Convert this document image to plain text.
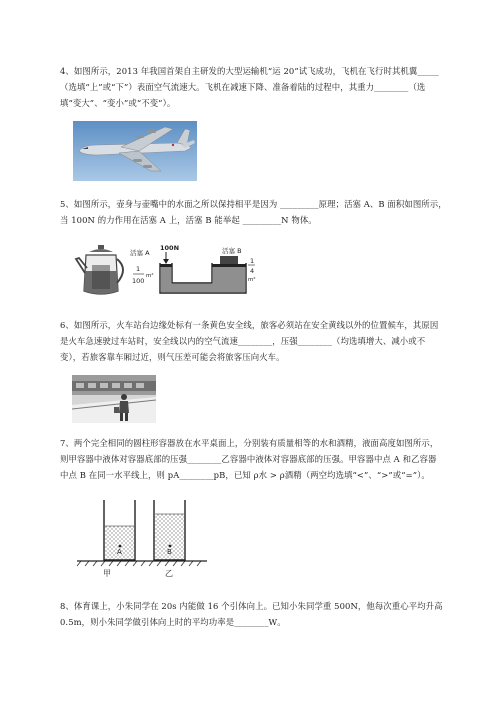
4、如图所示，2013 年我国首架自主研发的大型运输机“运 20”试飞成功，飞机在飞行时其机翼_____
（选填“上”或“下”）表面空气流速大。飞机在减速下降、准备着陆的过程中，其重力________（选
填“变大”、“变小”或“不变”）。
5、如图所示，壶身与壶嘴中的水面之所以保持相平是因为 _________原理；活塞 A、B 面积如图所示，
当 100N 的力作用在活塞 A 上，活塞 B 能举起 _________N 物体。
活塞 A
1
100
m²
100N	活塞 B
1
4
m²
6、如图所示，火车站台边缘处标有一条黄色安全线，旅客必须站在安全黄线以外的位置候车，其原因
是火车急速驶过车站时，安全线以内的空气流速________，压强________（均选填增大、减小或不
变），若旅客靠车厢过近，则气压差可能会将旅客压向火车。
7、两个完全相同的圆柱形容器放在水平桌面上，分别装有质量相等的水和酒精，液面高度如图所示，
则甲容器中液体对容器底部的压强________乙容器中液体对容器底部的压强。甲容器中点 A 和乙容器
中点 B 在同一水平线上，则 pA________pB，已知 ρ水 > ρ酒精（两空均选填“<”、“>”或“=”）。
A	B
甲	乙
8、体育课上，小朱同学在 20s 内能做 16 个引体向上。已知小朱同学重 500N，他每次重心平均升高
0.5m，则小朱同学做引体向上时的平均功率是________W。
